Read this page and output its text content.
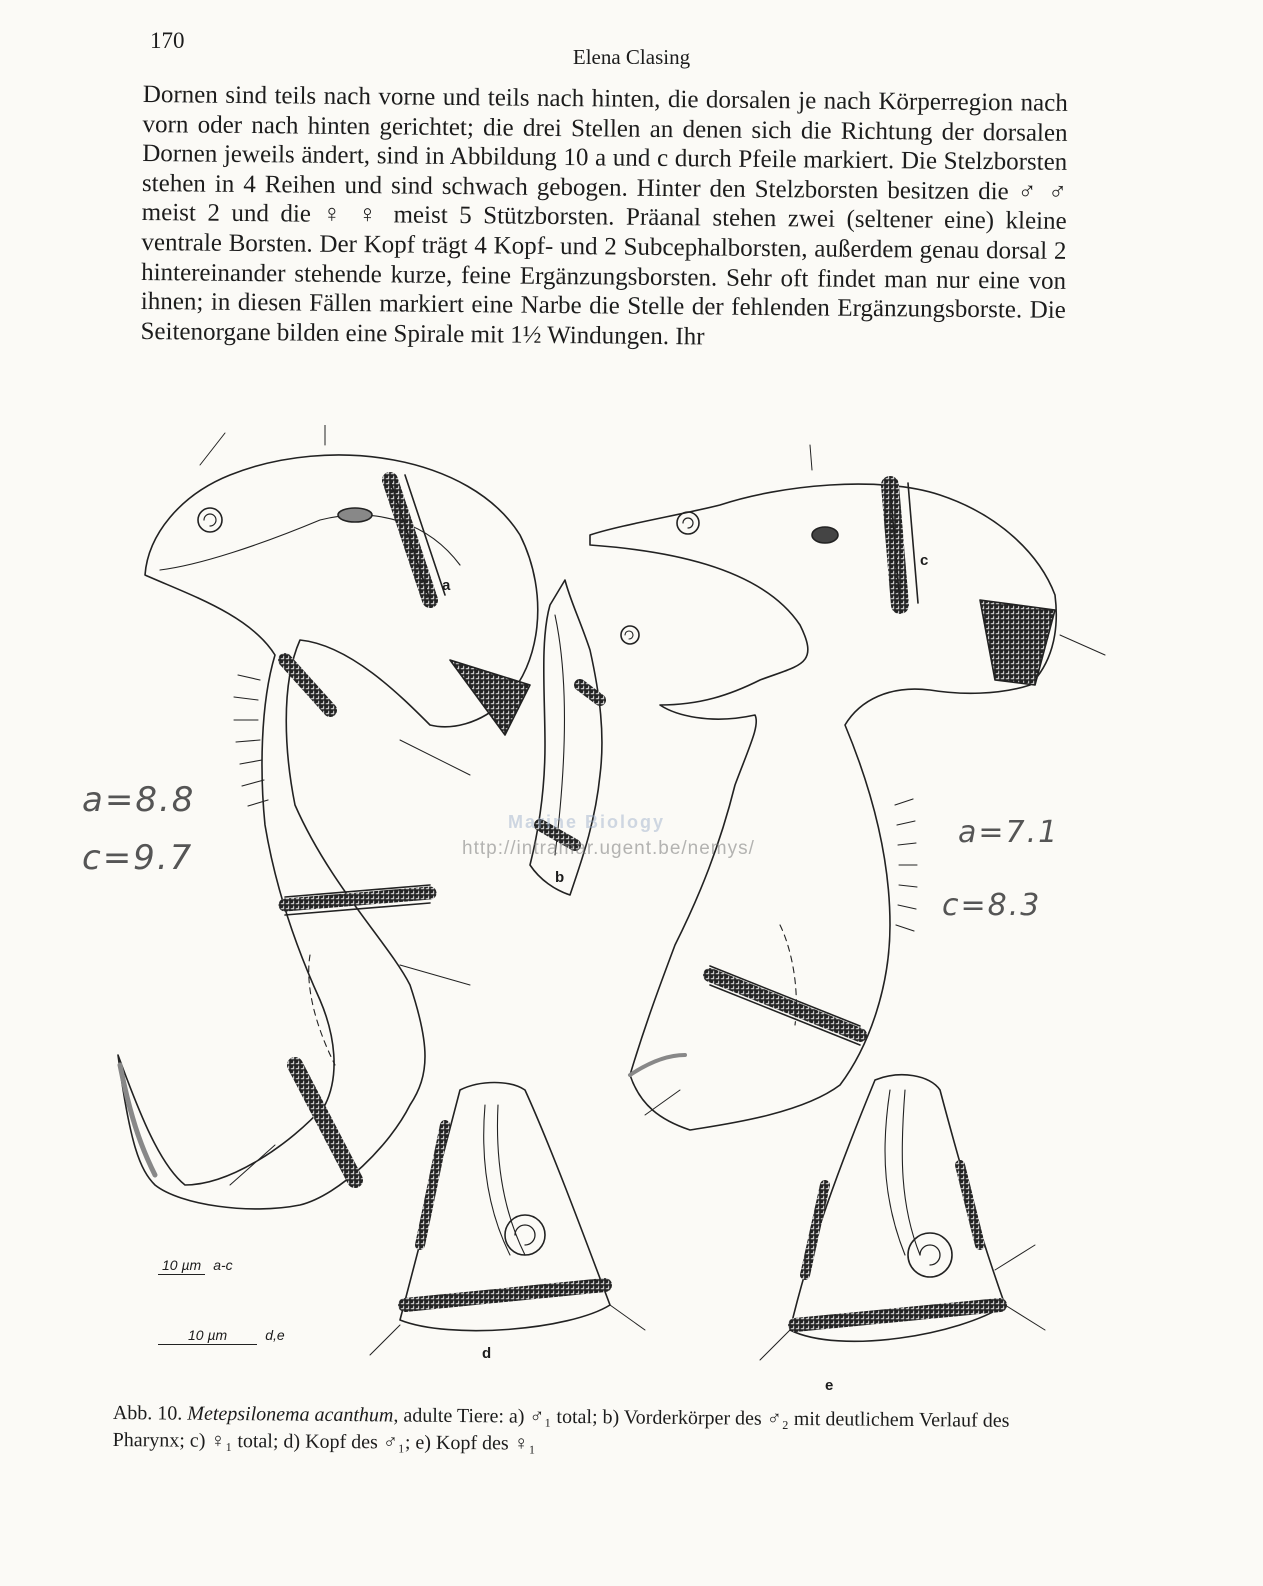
170
Elena Clasing

Dornen sind teils nach vorne und teils nach hinten, die dorsalen je nach Körperregion nach vorn oder nach hinten gerichtet; die drei Stellen an denen sich die Richtung der dorsalen Dornen jeweils ändert, sind in Abbildung 10 a und c durch Pfeile markiert. Die Stelzborsten stehen in 4 Reihen und sind schwach gebogen. Hinter den Stelzborsten besitzen die ♂ ♂ meist 2 und die ♀ ♀ meist 5 Stützborsten. Präanal stehen zwei (seltener eine) kleine ventrale Borsten. Der Kopf trägt 4 Kopf- und 2 Subcephalborsten, außerdem genau dorsal 2 hintereinander stehende kurze, feine Ergänzungsborsten. Sehr oft findet man nur eine von ihnen; in diesen Fällen markiert eine Narbe die Stelle der fehlenden Ergänzungsborste. Die Seitenorgane bilden eine Spirale mit 1½ Windungen. Ihr

a
b
c
d
e
10 µm a-c
10 µm	d,e
a=8.8
c=9.7
a=7.1
c=8.3
Marine Biology
http://intramar.ugent.be/nemys/

Abb. 10. Metepsilonema acanthum, adulte Tiere: a) ♂₁ total; b) Vorderkörper des ♂₂ mit deutlichem Verlauf des Pharynx; c) ♀₁ total; d) Kopf des ♂₁; e) Kopf des ♀₁
